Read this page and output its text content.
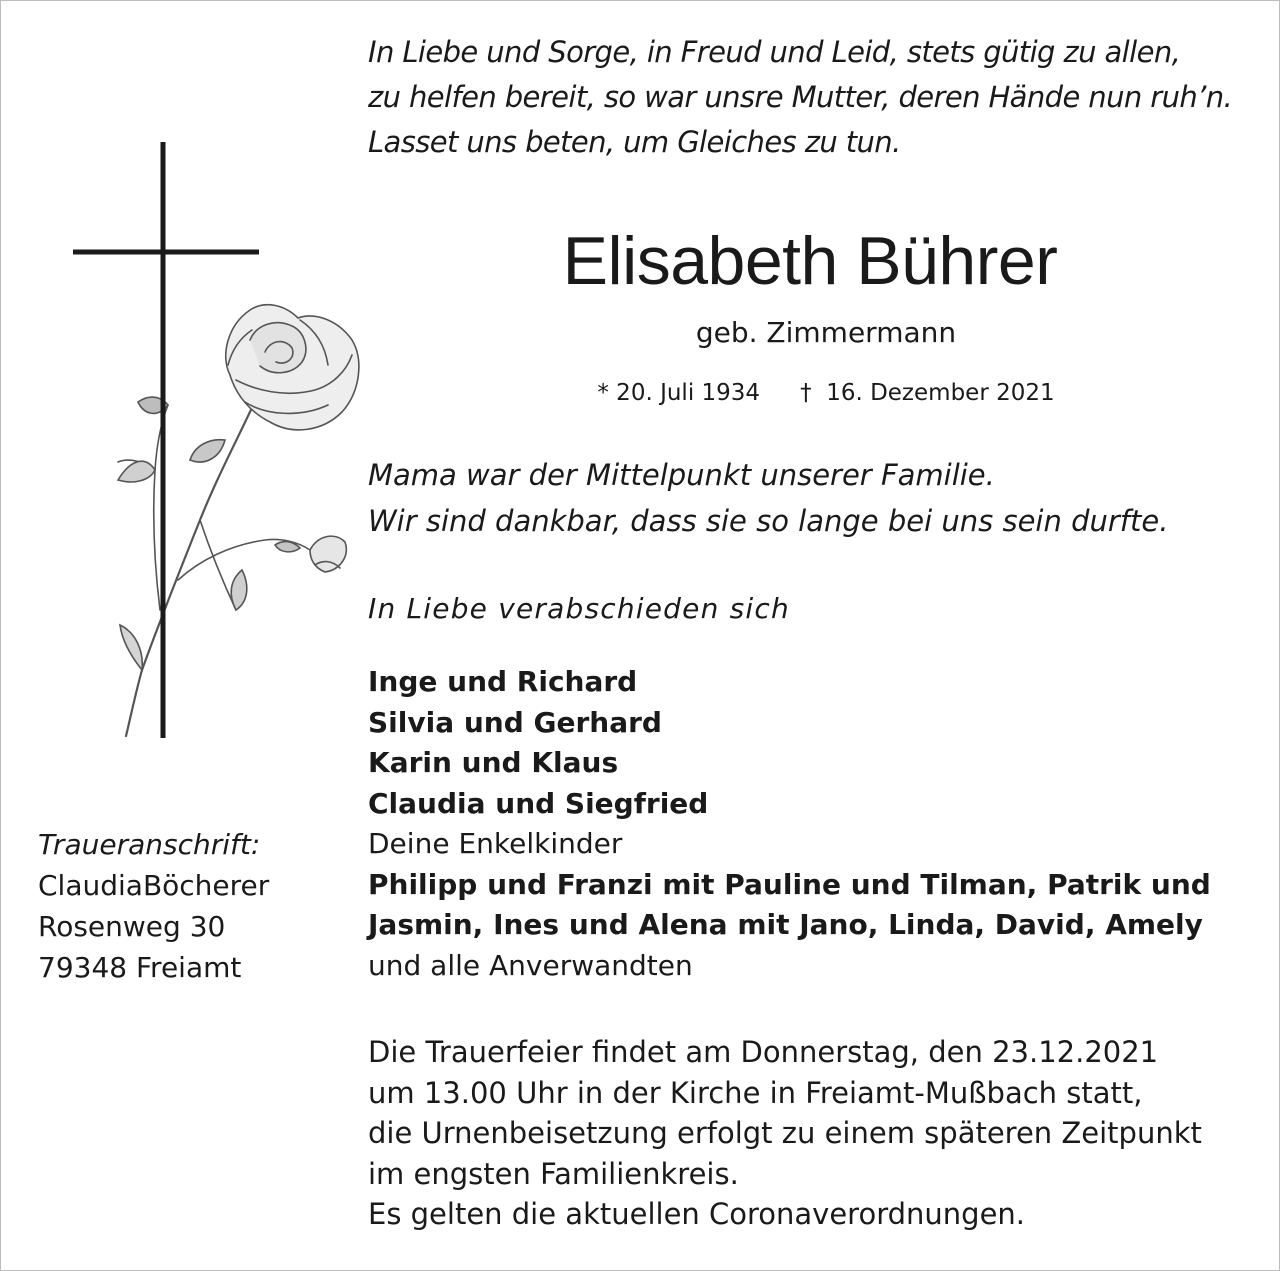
In Liebe und Sorge, in Freud und Leid, stets gütig zu allen,
zu helfen bereit, so war unsre Mutter, deren Hände nun ruh’n.
Lasset uns beten, um Gleiches zu tun.
Elisabeth Bührer
geb. Zimmermann
* 20. Juli 1934 † 16. Dezember 2021
Mama war der Mittelpunkt unserer Familie.
Wir sind dankbar, dass sie so lange bei uns sein durfte.
In Liebe verabschieden sich
Inge und Richard
Silvia und Gerhard
Karin und Klaus
Claudia und Siegfried
Deine Enkelkinder
Philipp und Franzi mit Pauline und Tilman, Patrik und
Jasmin, Ines und Alena mit Jano, Linda, David, Amely
und alle Anverwandten
Traueranschrift:
ClaudiaBöcherer
Rosenweg 30
79348 Freiamt
Die Trauerfeier findet am Donnerstag, den 23.12.2021
um 13.00 Uhr in der Kirche in Freiamt-Mußbach statt,
die Urnenbeisetzung erfolgt zu einem späteren Zeitpunkt
im engsten Familienkreis.
Es gelten die aktuellen Coronaverordnungen.
